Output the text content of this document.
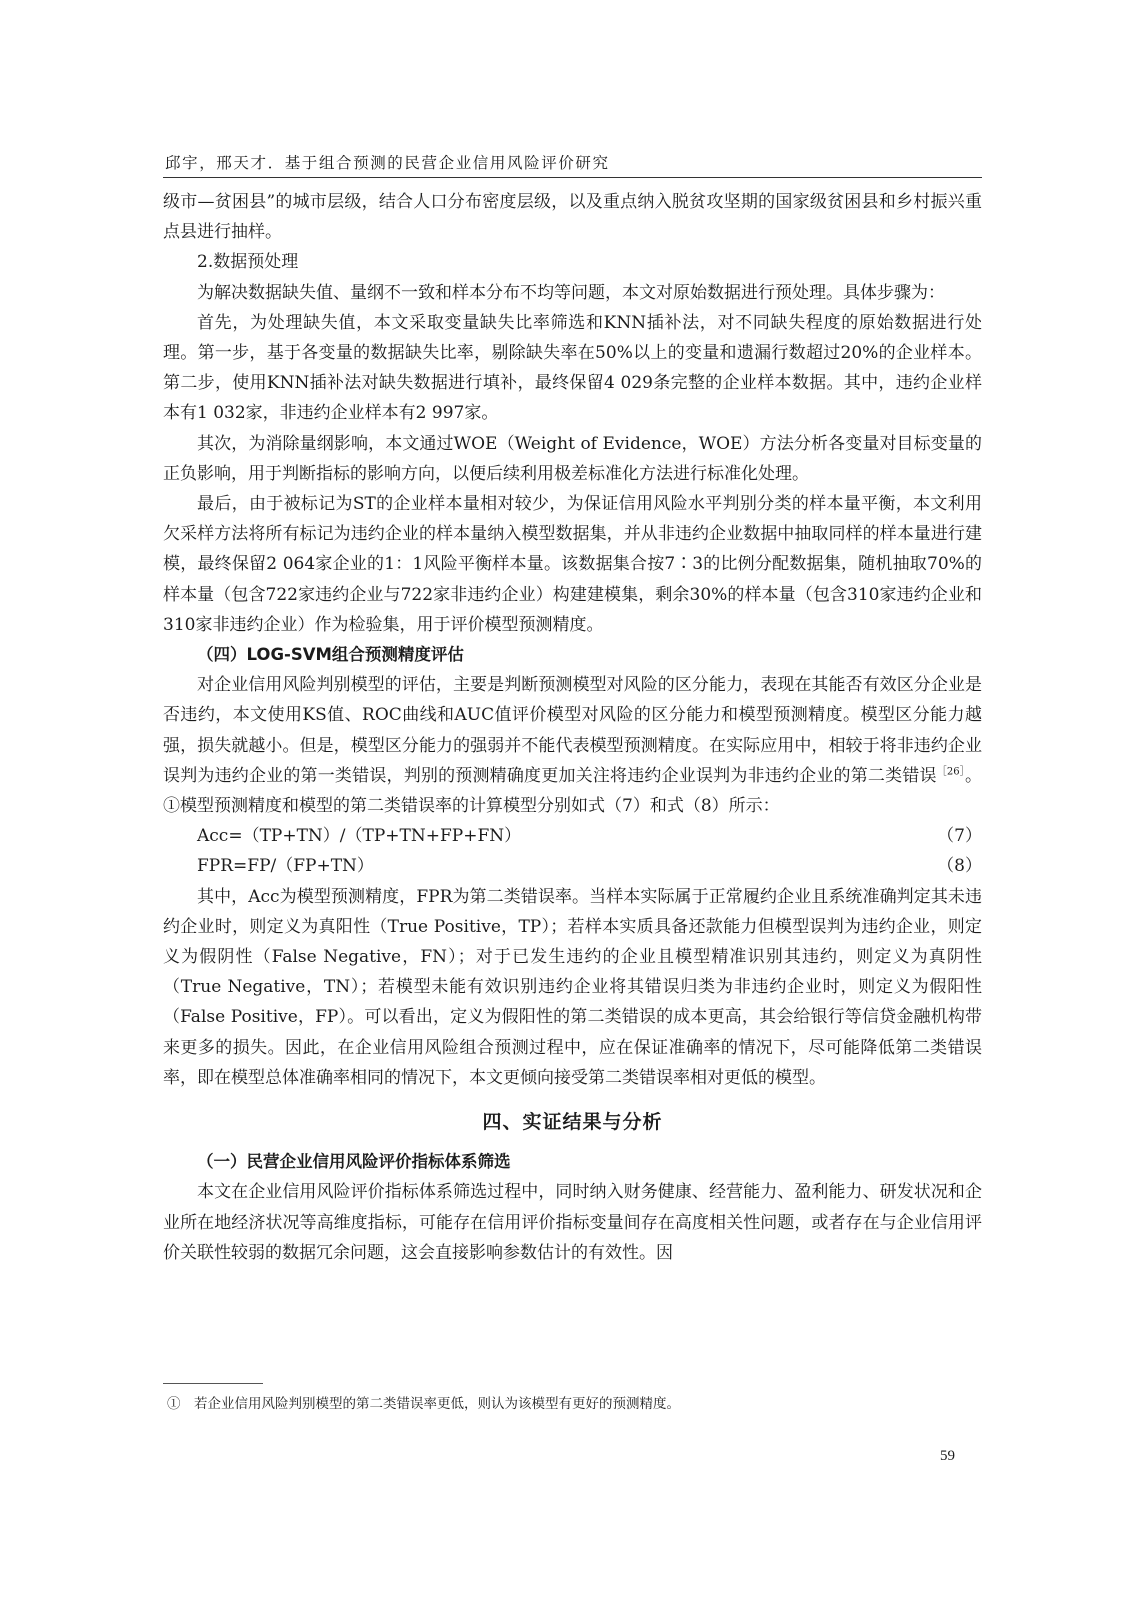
邱宇，邢天才．基于组合预测的民营企业信用风险评价研究

级市—贫困县”的城市层级，结合人口分布密度层级，以及重点纳入脱贫攻坚期的国家级贫困县和乡村振兴重点县进行抽样。

2.数据预处理

为解决数据缺失值、量纲不一致和样本分布不均等问题，本文对原始数据进行预处理。具体步骤为：

首先，为处理缺失值，本文采取变量缺失比率筛选和KNN插补法，对不同缺失程度的原始数据进行处理。第一步，基于各变量的数据缺失比率，剔除缺失率在50%以上的变量和遗漏行数超过20%的企业样本。第二步，使用KNN插补法对缺失数据进行填补，最终保留4 029条完整的企业样本数据。其中，违约企业样本有1 032家，非违约企业样本有2 997家。

其次，为消除量纲影响，本文通过WOE（Weight of Evidence，WOE）方法分析各变量对目标变量的正负影响，用于判断指标的影响方向，以便后续利用极差标准化方法进行标准化处理。

最后，由于被标记为ST的企业样本量相对较少，为保证信用风险水平判别分类的样本量平衡，本文利用欠采样方法将所有标记为违约企业的样本量纳入模型数据集，并从非违约企业数据中抽取同样的样本量进行建模，最终保留2 064家企业的1：1风险平衡样本量。该数据集合按7∶3的比例分配数据集，随机抽取70%的样本量（包含722家违约企业与722家非违约企业）构建建模集，剩余30%的样本量（包含310家违约企业和310家非违约企业）作为检验集，用于评价模型预测精度。

（四）LOG-SVM组合预测精度评估

对企业信用风险判别模型的评估，主要是判断预测模型对风险的区分能力，表现在其能否有效区分企业是否违约，本文使用KS值、ROC曲线和AUC值评价模型对风险的区分能力和模型预测精度。模型区分能力越强，损失就越小。但是，模型区分能力的强弱并不能代表模型预测精度。在实际应用中，相较于将非违约企业误判为违约企业的第一类错误，判别的预测精确度更加关注将违约企业误判为非违约企业的第二类错误$^{[26]}$。①模型预测精度和模型的第二类错误率的计算模型分别如式（7）和式（8）所示：

Acc=（TP+TN）/（TP+TN+FP+FN）	（7）
FPR=FP/（FP+TN）	（8）

其中，Acc为模型预测精度，FPR为第二类错误率。当样本实际属于正常履约企业且系统准确判定其未违约企业时，则定义为真阳性（True Positive，TP）；若样本实质具备还款能力但模型误判为违约企业，则定义为假阴性（False Negative，FN）；对于已发生违约的企业且模型精准识别其违约，则定义为真阴性（True Negative，TN）；若模型未能有效识别违约企业将其错误归类为非违约企业时，则定义为假阳性（False Positive，FP）。可以看出，定义为假阳性的第二类错误的成本更高，其会给银行等信贷金融机构带来更多的损失。因此，在企业信用风险组合预测过程中，应在保证准确率的情况下，尽可能降低第二类错误率，即在模型总体准确率相同的情况下，本文更倾向接受第二类错误率相对更低的模型。

四、实证结果与分析

（一）民营企业信用风险评价指标体系筛选

本文在企业信用风险评价指标体系筛选过程中，同时纳入财务健康、经营能力、盈利能力、研发状况和企业所在地经济状况等高维度指标，可能存在信用评价指标变量间存在高度相关性问题，或者存在与企业信用评价关联性较弱的数据冗余问题，这会直接影响参数估计的有效性。因

①　若企业信用风险判别模型的第二类错误率更低，则认为该模型有更好的预测精度。
59
